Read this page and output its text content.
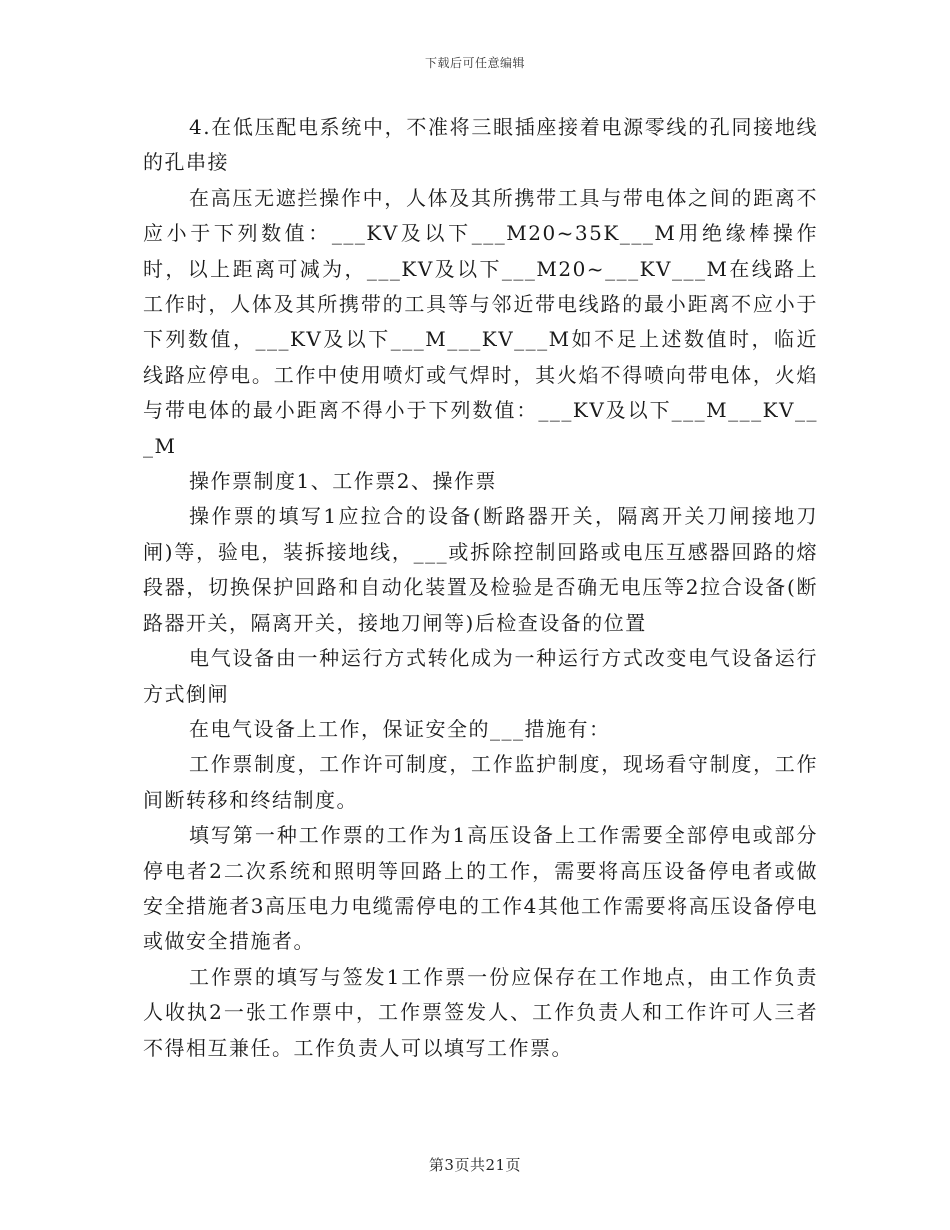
下载后可任意编辑

4.在低压配电系统中，不准将三眼插座接着电源零线的孔同接地线的孔串接

在高压无遮拦操作中，人体及其所携带工具与带电体之间的距离不应小于下列数值：___KV及以下___M20~35K___M用绝缘棒操作时，以上距离可减为，___KV及以下___M20~___KV___M在线路上工作时，人体及其所携带的工具等与邻近带电线路的最小距离不应小于下列数值，___KV及以下___M___KV___M如不足上述数值时，临近线路应停电。工作中使用喷灯或气焊时，其火焰不得喷向带电体，火焰与带电体的最小距离不得小于下列数值：___KV及以下___M___KV___M

操作票制度1、工作票2、操作票

操作票的填写1应拉合的设备(断路器开关，隔离开关刀闸接地刀闸)等，验电，装拆接地线，___或拆除控制回路或电压互感器回路的熔段器，切换保护回路和自动化装置及检验是否确无电压等2拉合设备(断路器开关，隔离开关，接地刀闸等)后检查设备的位置

电气设备由一种运行方式转化成为一种运行方式改变电气设备运行方式倒闸

在电气设备上工作，保证安全的___措施有：

工作票制度，工作许可制度，工作监护制度，现场看守制度，工作间断转移和终结制度。

填写第一种工作票的工作为1高压设备上工作需要全部停电或部分停电者2二次系统和照明等回路上的工作，需要将高压设备停电者或做安全措施者3高压电力电缆需停电的工作4其他工作需要将高压设备停电或做安全措施者。

工作票的填写与签发1工作票一份应保存在工作地点，由工作负责人收执2一张工作票中，工作票签发人、工作负责人和工作许可人三者不得相互兼任。工作负责人可以填写工作票。

第3页共21页
